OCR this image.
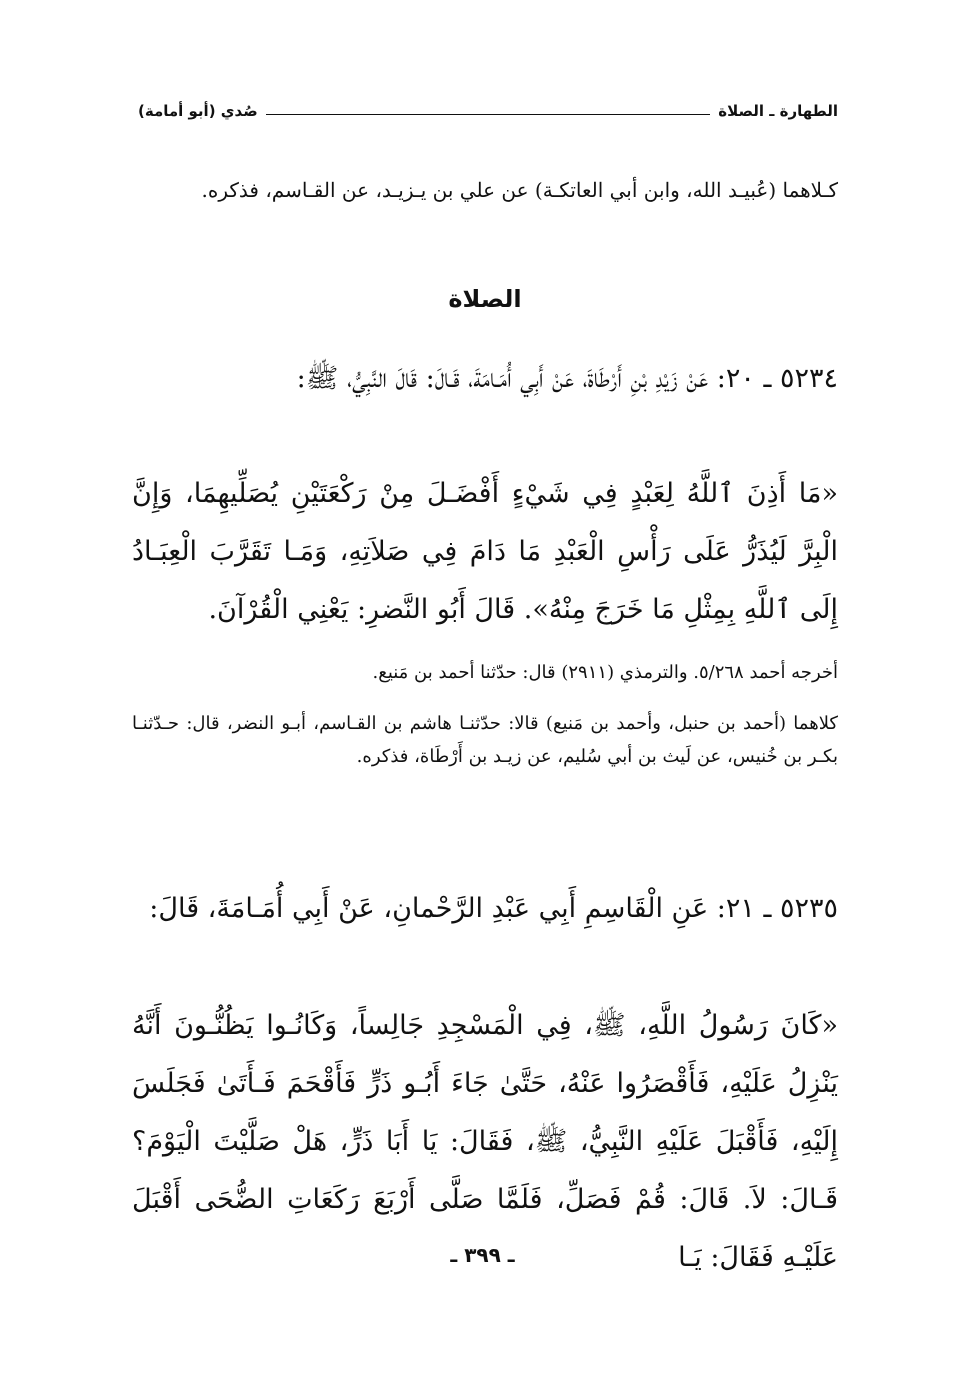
الطهارة ـ الصلاة
صُدي (أبو أمامة)
كـلاهما (عُبيـد الله، وابن أبي العاتكـة) عن علي بن يـزيـد، عن القـاسم، فذكره.
الصلاة
٥٢٣٤ ـ ٢٠: عَنْ زَيْدِ بْنِ أَرْطَاةَ، عَنْ أَبِي أُمَـامَةَ، قَـالَ: قَالَ النَّبِيُّ، ﷺ:
«مَا أَذِنَ ٱللَّهُ لِعَبْدٍ فِي شَيْءٍ أَفْضَـلَ مِنْ رَكْعَتَيْنِ يُصَلِّيهِمَا، وَإِنَّ الْبِرَّ لَيُذَرُّ عَلَى رَأْسِ الْعَبْدِ مَا دَامَ فِي صَلاَتِهِ، وَمَـا تَقَرَّبَ الْعِبَـادُ إِلَى ٱللَّهِ بِمِثْلِ مَا خَرَجَ مِنْهُ». قَالَ أَبُو النَّضرِ: يَعْنِي الْقُرْآنَ.
أخرجه أحمد ٥/٢٦٨. والترمذي (٢٩١١) قال: حدّثنا أحمد بن مَنيع.
كلاهما (أحمد بن حنبل، وأحمد بن مَنيع) قالا: حدّثنـا هاشم بن القـاسم، أبـو النضر، قال: حـدّثنـا بكـر بن خُنيس، عن لَيث بن أبي سُليم، عن زيـد بن أَرْطَاة، فذكره.
٥٢٣٥ ـ ٢١: عَنِ الْقَاسِمِ أَبِي عَبْدِ الرَّحْمانِ، عَنْ أَبِي أُمَـامَةَ، قَالَ:
«كَانَ رَسُولُ اللَّهِ، ﷺ، فِي الْمَسْجِدِ جَالِساً، وَكَانُـوا يَظُنُّـونَ أَنَّهُ يَنْزِلُ عَلَيْهِ، فَأَقْصَرُوا عَنْهُ، حَتَّىٰ جَاءَ أَبُـو ذَرٍّ فَأَقْحَمَ فَـأَتَىٰ فَجَلَسَ إِلَيْهِ، فَأَقْبَلَ عَلَيْهِ النَّبِيُّ، ﷺ، فَقَالَ: يَا أَبَا ذَرٍّ، هَلْ صَلَّيْتَ الْيَوْمَ؟ قَـالَ: لاَ. قَالَ: قُمْ فَصَلِّ، فَلَمَّا صَلَّى أَرْبَعَ رَكَعَاتِ الضُّحَى أَقْبَلَ عَلَيْـهِ فَقَالَ: يَـا
ـ ٣٩٩ ـ
